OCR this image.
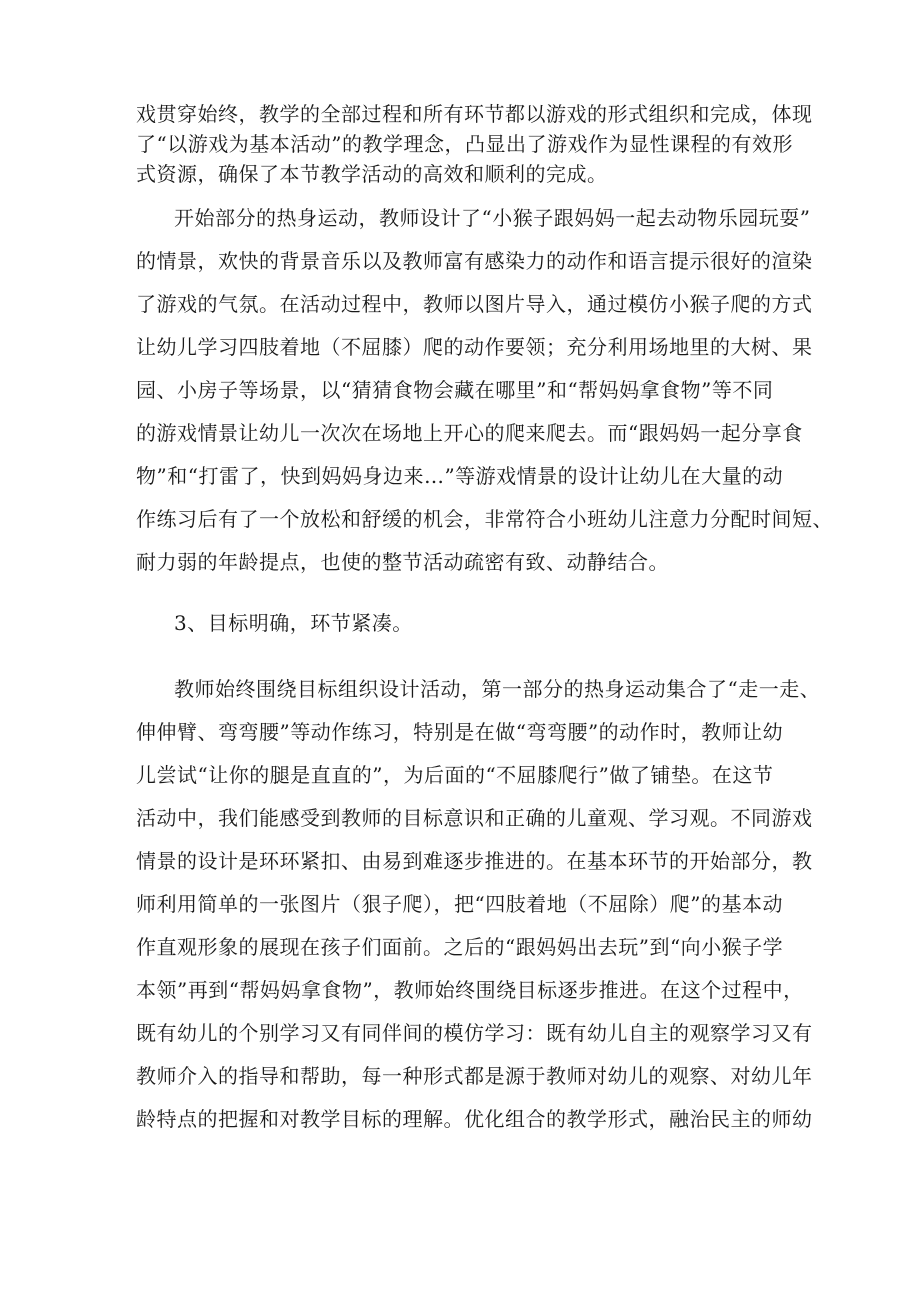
戏贯穿始终，教学的全部过程和所有环节都以游戏的形式组织和完成，体现
了“以游戏为基本活动”的教学理念，凸显出了游戏作为显性课程的有效形
式资源，确保了本节教学活动的高效和顺利的完成。
开始部分的热身运动，教师设计了“小猴子跟妈妈一起去动物乐园玩耍”
的情景，欢快的背景音乐以及教师富有感染力的动作和语言提示很好的渲染
了游戏的气氛。在活动过程中，教师以图片导入，通过模仿小猴子爬的方式
让幼儿学习四肢着地（不屈膝）爬的动作要领；充分利用场地里的大树、果
园、小房子等场景，以“猜猜食物会藏在哪里”和“帮妈妈拿食物”等不同
的游戏情景让幼儿一次次在场地上开心的爬来爬去。而“跟妈妈一起分享食
物”和“打雷了，快到妈妈身边来…”等游戏情景的设计让幼儿在大量的动
作练习后有了一个放松和舒缓的机会，非常符合小班幼儿注意力分配时间短、
耐力弱的年龄提点，也使的整节活动疏密有致、动静结合。
3、目标明确，环节紧凑。
教师始终围绕目标组织设计活动，第一部分的热身运动集合了“走一走、
伸伸臂、弯弯腰”等动作练习，特别是在做“弯弯腰”的动作时，教师让幼
儿尝试“让你的腿是直直的”，为后面的“不屈膝爬行”做了铺垫。在这节
活动中，我们能感受到教师的目标意识和正确的儿童观、学习观。不同游戏
情景的设计是环环紧扣、由易到难逐步推进的。在基本环节的开始部分，教
师利用简单的一张图片（狠子爬），把“四肢着地（不屈除）爬”的基本动
作直观形象的展现在孩子们面前。之后的“跟妈妈出去玩”到“向小猴子学
本领”再到“帮妈妈拿食物”，教师始终围绕目标逐步推进。在这个过程中，
既有幼儿的个别学习又有同伴间的模仿学习：既有幼儿自主的观察学习又有
教师介入的指导和帮助，每一种形式都是源于教师对幼儿的观察、对幼儿年
龄特点的把握和对教学目标的理解。优化组合的教学形式，融治民主的师幼
